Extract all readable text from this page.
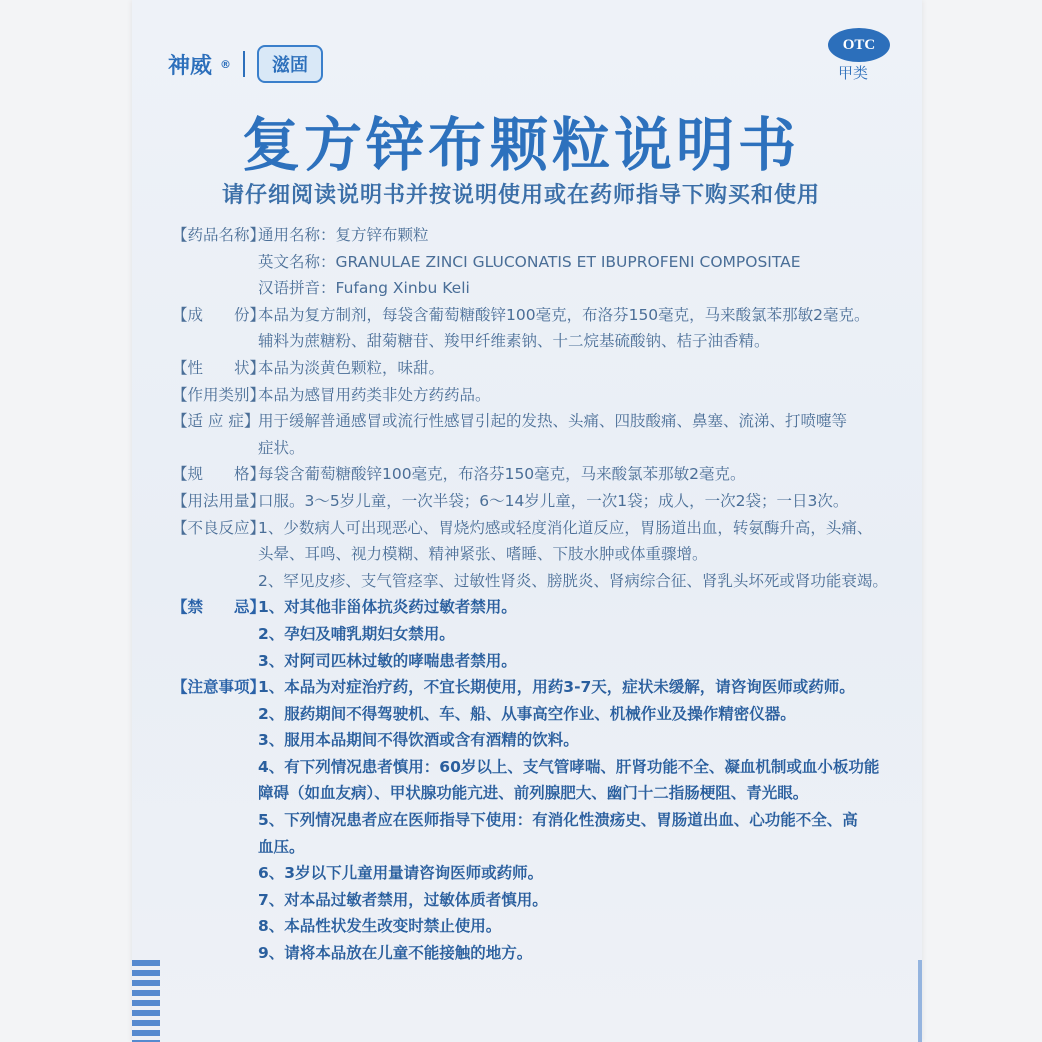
神威 ® 滋固
OTC
甲类
复方锌布颗粒说明书
请仔细阅读说明书并按说明使用或在药师指导下购买和使用
【药品名称】
通用名称：复方锌布颗粒
英文名称：GRANULAE ZINCI GLUCONATIS ET IBUPROFENI COMPOSITAE
汉语拼音：Fufang Xinbu Keli
【成　　份】
本品为复方制剂，每袋含葡萄糖酸锌100毫克，布洛芬150毫克，马来酸氯苯那敏2毫克。
辅料为蔗糖粉、甜菊糖苷、羧甲纤维素钠、十二烷基硫酸钠、桔子油香精。
【性　　状】
本品为淡黄色颗粒，味甜。
【作用类别】
本品为感冒用药类非处方药药品。
【适 应 症】
用于缓解普通感冒或流行性感冒引起的发热、头痛、四肢酸痛、鼻塞、流涕、打喷嚏等
症状。
【规　　格】
每袋含葡萄糖酸锌100毫克，布洛芬150毫克，马来酸氯苯那敏2毫克。
【用法用量】
口服。3～5岁儿童，一次半袋；6～14岁儿童，一次1袋；成人，一次2袋；一日3次。
【不良反应】
1、少数病人可出现恶心、胃烧灼感或轻度消化道反应，胃肠道出血，转氨酶升高，头痛、
头晕、耳鸣、视力模糊、精神紧张、嗜睡、下肢水肿或体重骤增。
2、罕见皮疹、支气管痉挛、过敏性肾炎、膀胱炎、肾病综合征、肾乳头坏死或肾功能衰竭。
【禁　　忌】
1、对其他非甾体抗炎药过敏者禁用。
2、孕妇及哺乳期妇女禁用。
3、对阿司匹林过敏的哮喘患者禁用。
【注意事项】
1、本品为对症治疗药，不宜长期使用，用药3-7天，症状未缓解，请咨询医师或药师。
2、服药期间不得驾驶机、车、船、从事高空作业、机械作业及操作精密仪器。
3、服用本品期间不得饮酒或含有酒精的饮料。
4、有下列情况患者慎用：60岁以上、支气管哮喘、肝肾功能不全、凝血机制或血小板功能
障碍（如血友病）、甲状腺功能亢进、前列腺肥大、幽门十二指肠梗阻、青光眼。
5、下列情况患者应在医师指导下使用：有消化性溃疡史、胃肠道出血、心功能不全、高
血压。
6、3岁以下儿童用量请咨询医师或药师。
7、对本品过敏者禁用，过敏体质者慎用。
8、本品性状发生改变时禁止使用。
9、请将本品放在儿童不能接触的地方。
